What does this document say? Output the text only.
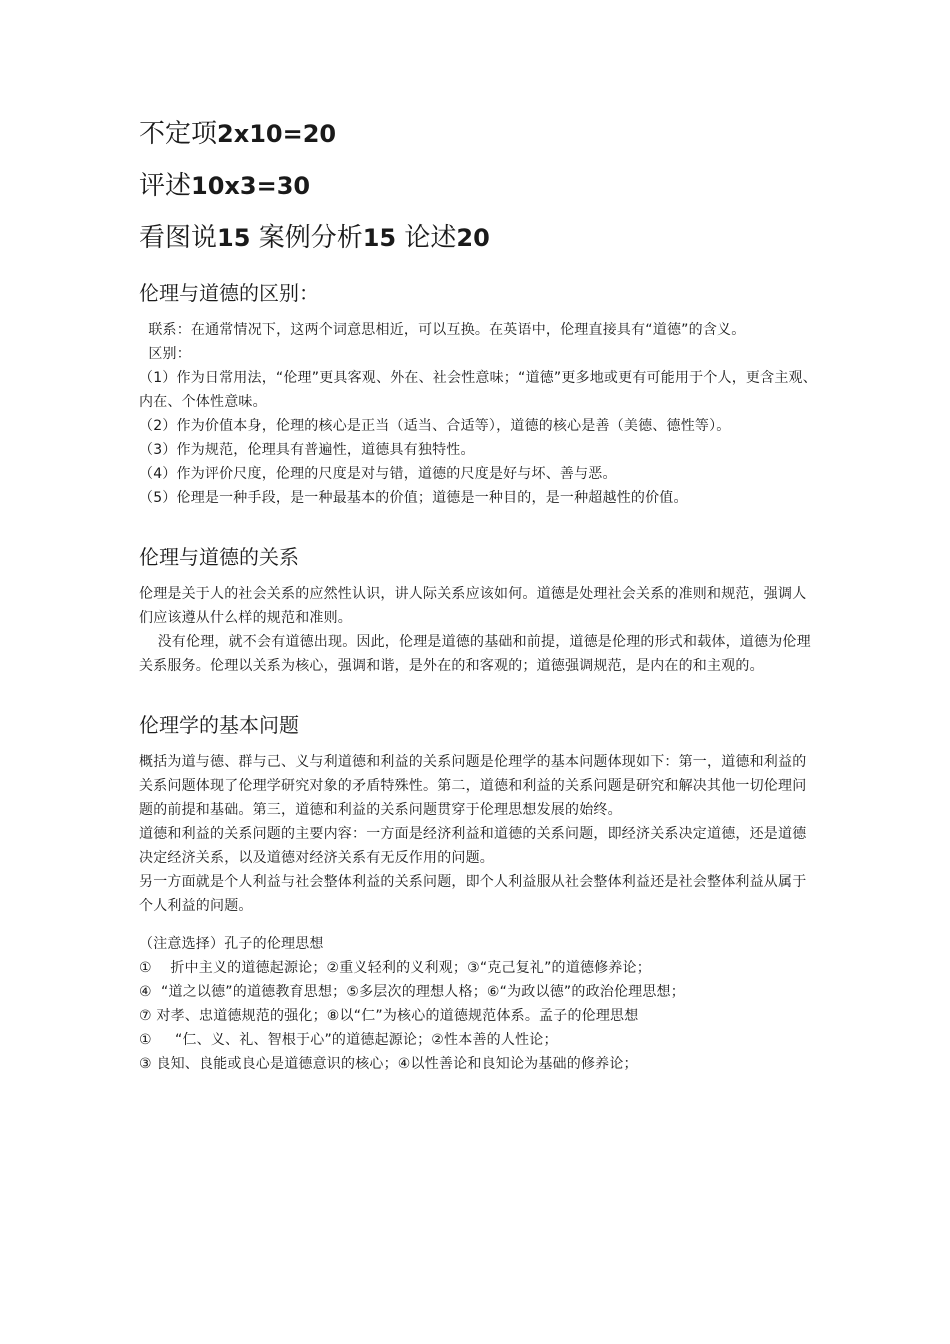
不定项2x10=20
评述10x3=30
看图说15 案例分析15 论述20
伦理与道德的区别：

联系：在通常情况下，这两个词意思相近，可以互换。在英语中，伦理直接具有“道德”的含义。

区别：

（1）作为日常用法，“伦理”更具客观、外在、社会性意味；“道德”更多地或更有可能用于个人，更含主观、内在、个体性意味。

（2）作为价值本身，伦理的核心是正当（适当、合适等），道德的核心是善（美德、德性等）。

（3）作为规范，伦理具有普遍性，道德具有独特性。

（4）作为评价尺度，伦理的尺度是对与错，道德的尺度是好与坏、善与恶。

（5）伦理是一种手段，是一种最基本的价值；道德是一种目的，是一种超越性的价值。

伦理与道德的关系

伦理是关于人的社会关系的应然性认识，讲人际关系应该如何。道德是处理社会关系的准则和规范，强调人们应该遵从什么样的规范和准则。

没有伦理，就不会有道德出现。因此，伦理是道德的基础和前提，道德是伦理的形式和载体，道德为伦理关系服务。伦理以关系为核心，强调和谐，是外在的和客观的；道德强调规范，是内在的和主观的。

伦理学的基本问题

概括为道与德、群与己、义与利道德和利益的关系问题是伦理学的基本问题体现如下：第一，道德和利益的关系问题体现了伦理学研究对象的矛盾特殊性。第二，道德和利益的关系问题是研究和解决其他一切伦理问题的前提和基础。第三，道德和利益的关系问题贯穿于伦理思想发展的始终。

道德和利益的关系问题的主要内容：一方面是经济利益和道德的关系问题，即经济关系决定道德，还是道德决定经济关系，以及道德对经济关系有无反作用的问题。

另一方面就是个人利益与社会整体利益的关系问题，即个人利益服从社会整体利益还是社会整体利益从属于个人利益的问题。

（注意选择）孔子的伦理思想

①    折中主义的道德起源论；②重义轻利的义利观；③“克己复礼”的道德修养论；

④  “道之以德”的道德教育思想；⑤多层次的理想人格；⑥“为政以德”的政治伦理思想；

⑦ 对孝、忠道德规范的强化；⑧以“仁”为核心的道德规范体系。孟子的伦理思想

①     “仁、义、礼、智根于心”的道德起源论；②性本善的人性论；

③ 良知、良能或良心是道德意识的核心；④以性善论和良知论为基础的修养论；
